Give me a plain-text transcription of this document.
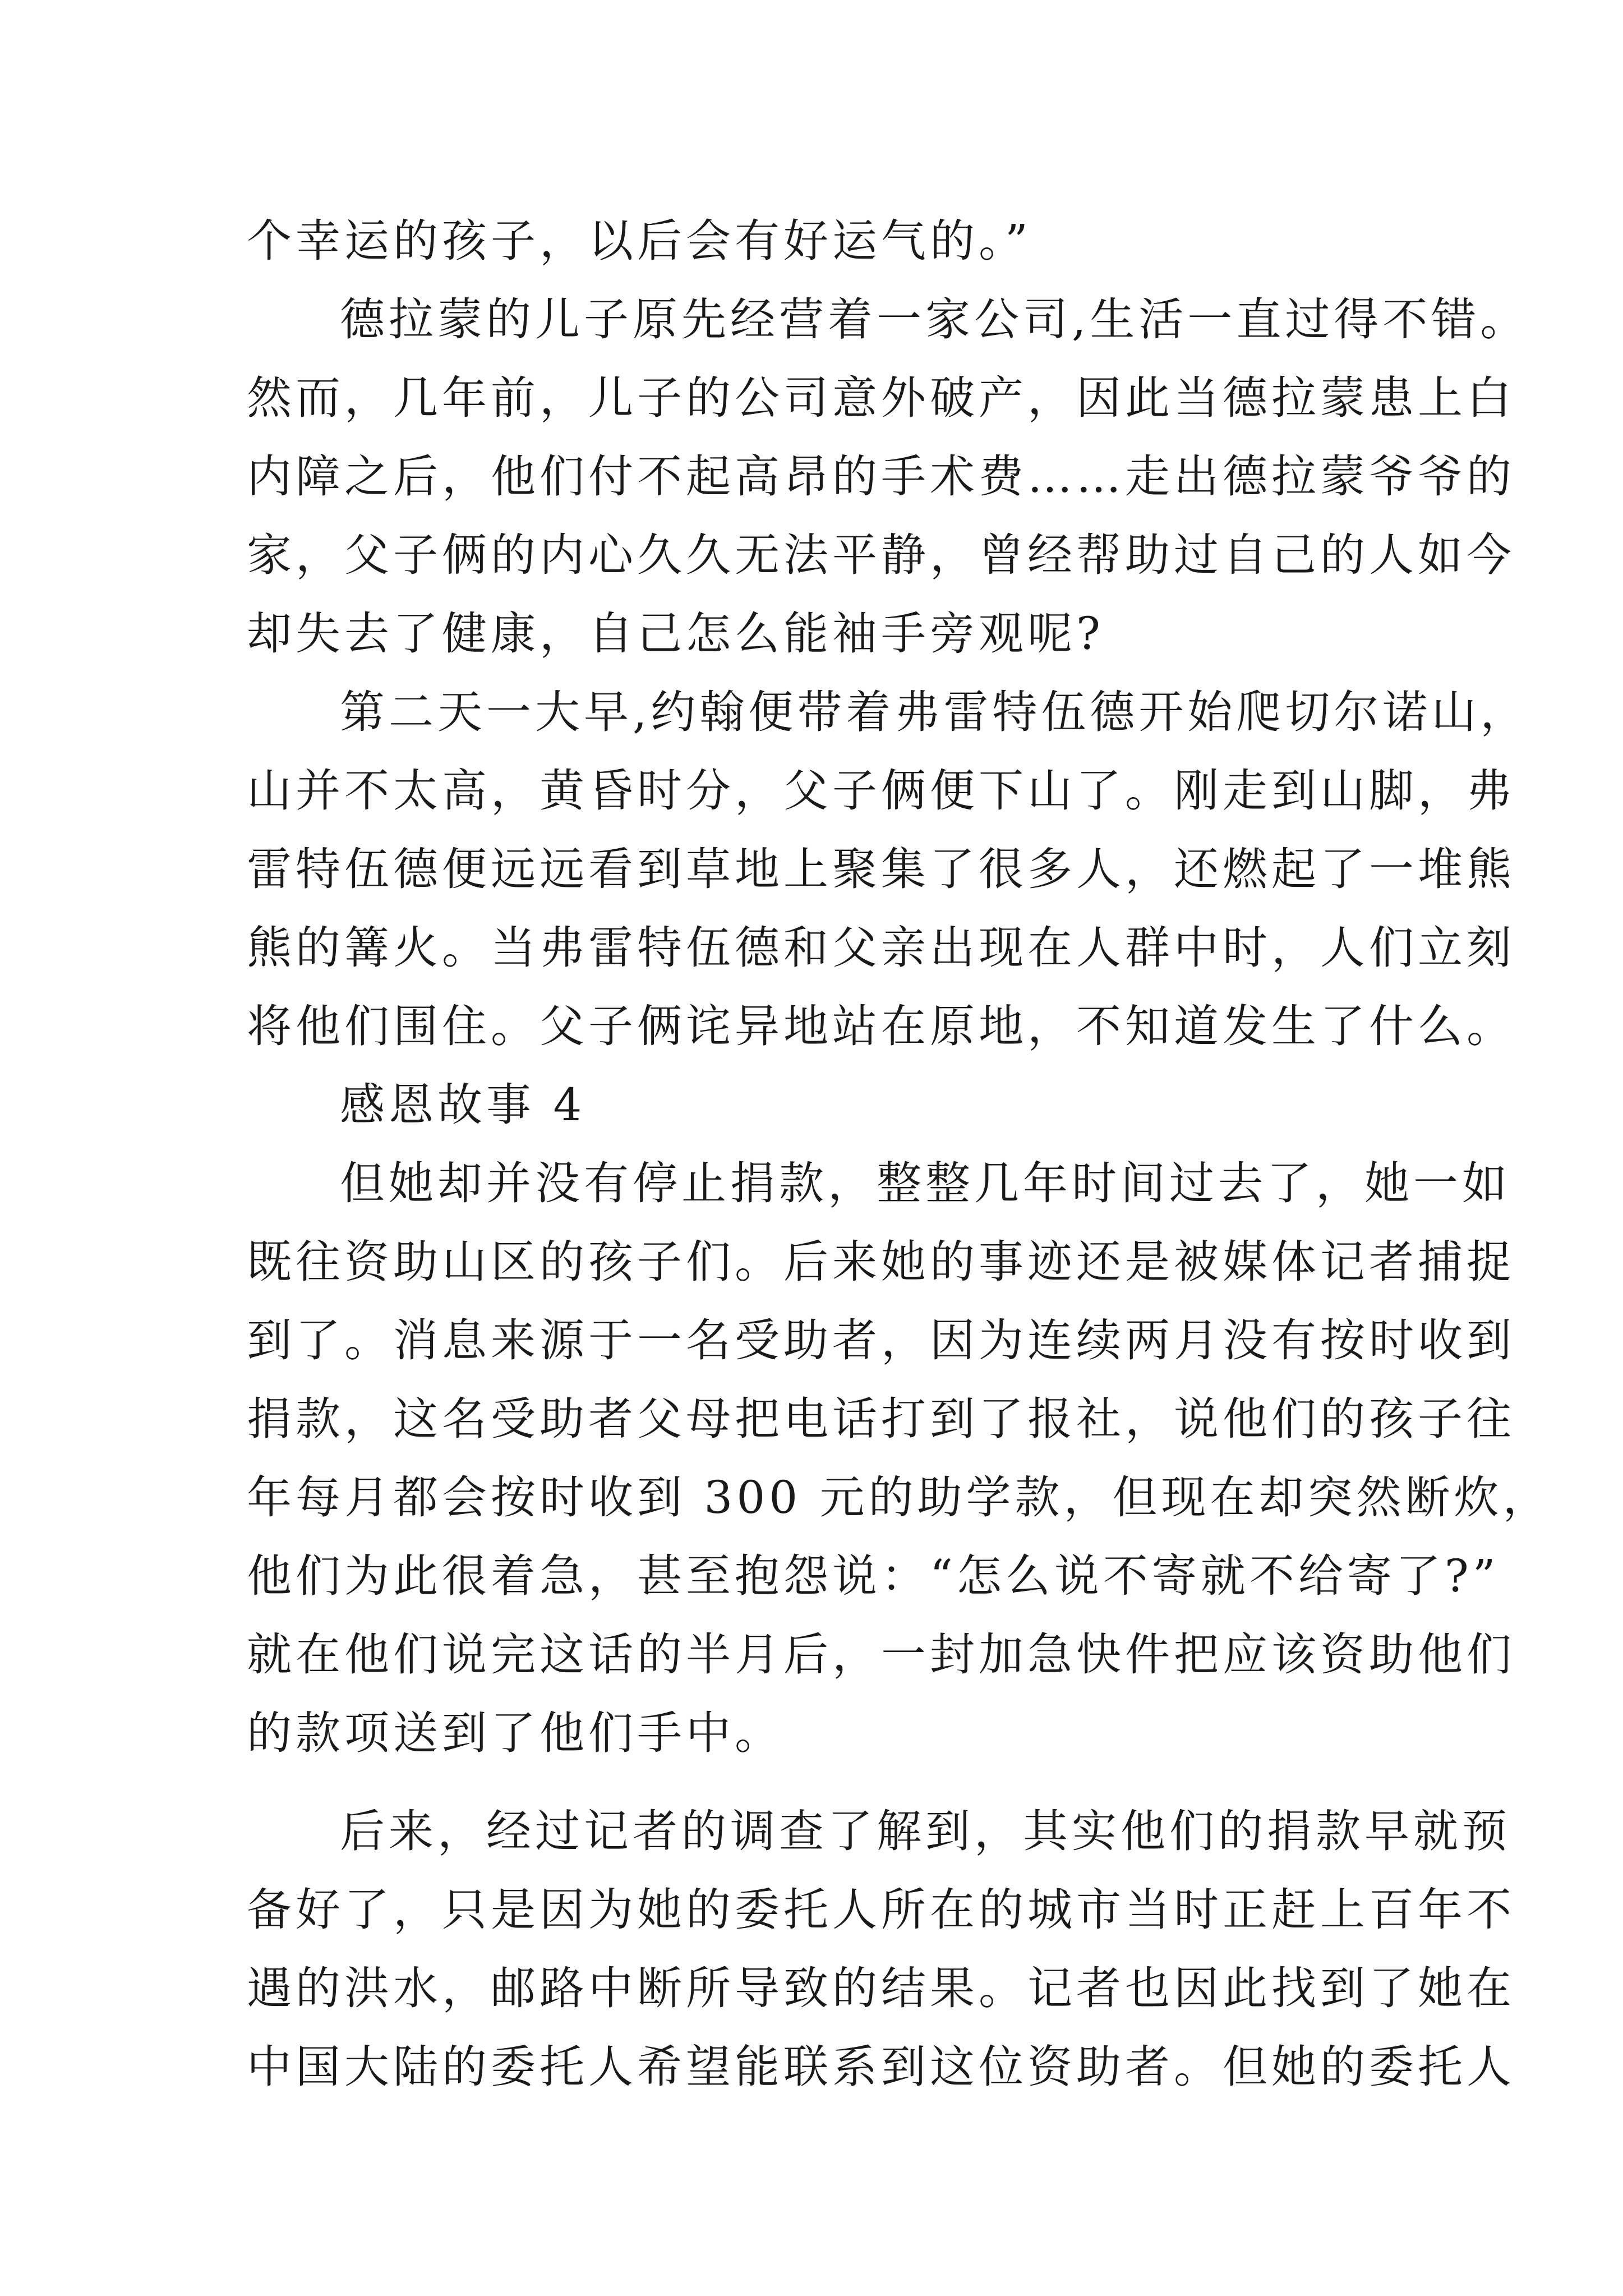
个幸运的孩子，以后会有好运气的。”
德拉蒙的儿子原先经营着一家公司,生活一直过得不错。
然而，几年前，儿子的公司意外破产，因此当德拉蒙患上白
内障之后，他们付不起高昂的手术费……走出德拉蒙爷爷的
家，父子俩的内心久久无法平静，曾经帮助过自己的人如今
却失去了健康，自己怎么能袖手旁观呢?
第二天一大早,约翰便带着弗雷特伍德开始爬切尔诺山，
山并不太高，黄昏时分，父子俩便下山了。刚走到山脚，弗
雷特伍德便远远看到草地上聚集了很多人，还燃起了一堆熊
熊的篝火。当弗雷特伍德和父亲出现在人群中时，人们立刻
将他们围住。父子俩诧异地站在原地，不知道发生了什么。
感恩故事 4
但她却并没有停止捐款，整整几年时间过去了，她一如
既往资助山区的孩子们。后来她的事迹还是被媒体记者捕捉
到了。消息来源于一名受助者，因为连续两月没有按时收到
捐款，这名受助者父母把电话打到了报社，说他们的孩子往
年每月都会按时收到 300 元的助学款，但现在却突然断炊，
他们为此很着急，甚至抱怨说：“怎么说不寄就不给寄了?”
就在他们说完这话的半月后，一封加急快件把应该资助他们
的款项送到了他们手中。
后来，经过记者的调查了解到，其实他们的捐款早就预
备好了，只是因为她的委托人所在的城市当时正赶上百年不
遇的洪水，邮路中断所导致的结果。记者也因此找到了她在
中国大陆的委托人希望能联系到这位资助者。但她的委托人
